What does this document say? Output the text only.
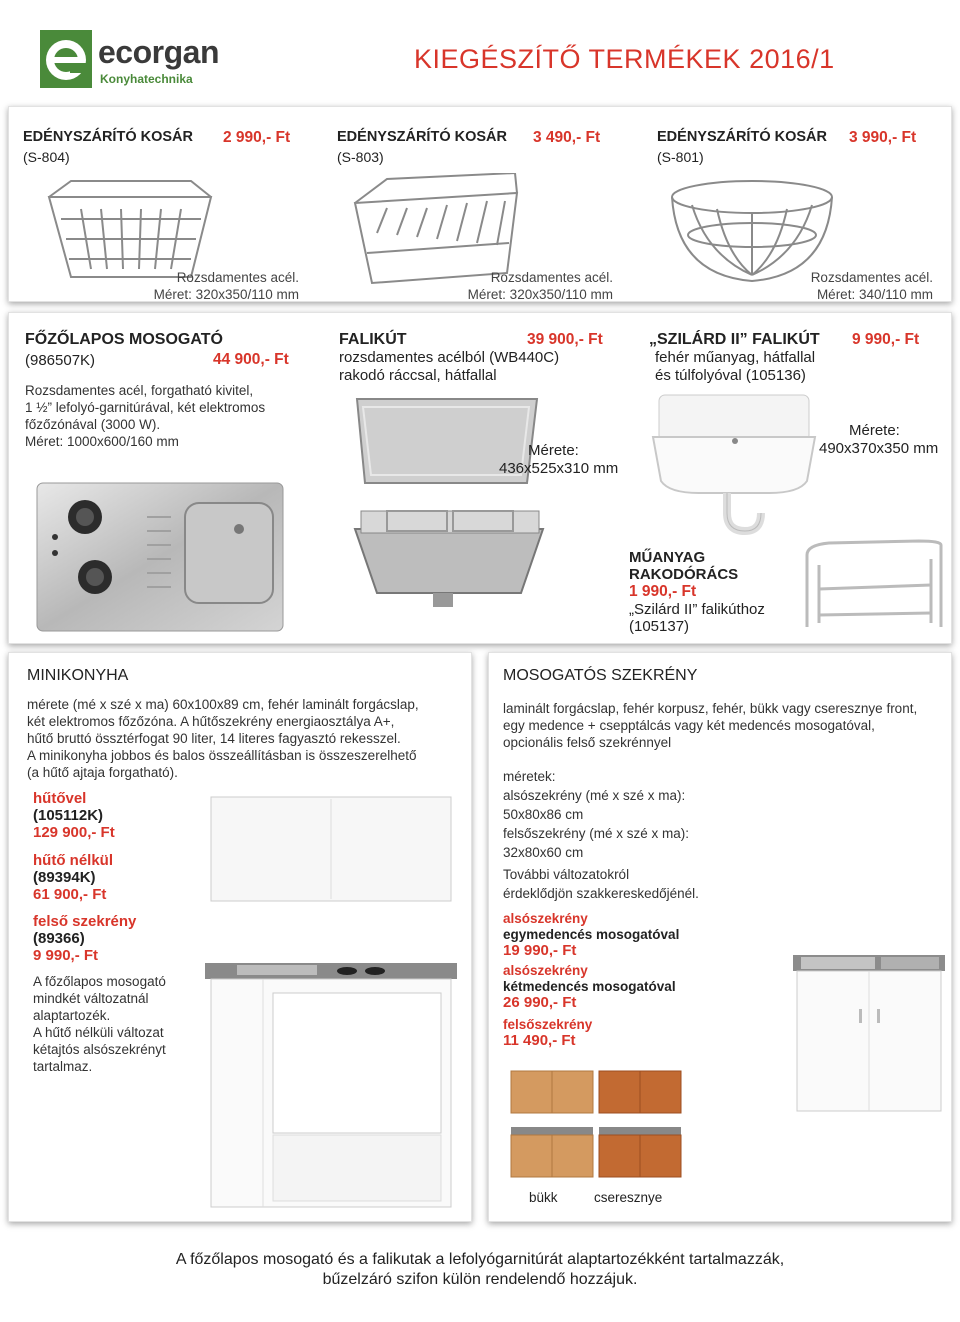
ecorgan
Konyhatechnika
KIEGÉSZÍTŐ TERMÉKEK 2016/1
EDÉNYSZÁRÍTÓ KOSÁR 2 990,- Ft
(S-804)
Rozsdamentes acél.
Méret: 320x350/110 mm
EDÉNYSZÁRÍTÓ KOSÁR 3 490,- Ft
(S-803)
Rozsdamentes acél.
Méret: 320x350/110 mm
EDÉNYSZÁRÍTÓ KOSÁR 3 990,- Ft
(S-801)
Rozsdamentes acél.
Méret: 340/110 mm
FŐZŐLAPOS MOSOGATÓ
(986507K)	44 900,- Ft
Rozsdamentes acél, forgatható kivitel,
1 ½” lefolyó-garnitúrával, két elektromos
főzőzónával (3000 W).
Méret: 1000x600/160 mm
FALIKÚT	39 900,- Ft
rozsdamentes acélból (WB440C)
rakodó ráccsal, hátfallal
Mérete:
436x525x310 mm
„SZILÁRD II” FALIKÚT 9 990,- Ft
fehér műanyag, hátfallal
és túlfolyóval (105136)
Mérete:
490x370x350 mm
MŰANYAG
RAKODÓRÁCS
1 990,- Ft
„Szilárd II” falikúthoz
(105137)
MINIKONYHA
mérete (mé x szé x ma) 60x100x89 cm, fehér laminált forgácslap,
két elektromos főzőzóna. A hűtőszekrény energiaosztálya A+,
hűtő bruttó össztérfogat 90 liter, 14 literes fagyasztó rekesszel.
A minikonyha jobbos és balos összeállításban is összeszerelhető
(a hűtő ajtaja forgatható).
hűtővel
(105112K)
129 900,- Ft
hűtő nélkül
(89394K)
61 900,- Ft
felső szekrény
(89366)
9 990,- Ft
A főzőlapos mosogató
mindkét változatnál
alaptartozék.
A hűtő nélküli változat
kétajtós alsószekrényt
tartalmaz.
MOSOGATÓS SZEKRÉNY
laminált forgácslap, fehér korpusz, fehér, bükk vagy cseresznye front,
egy medence + csepptálcás vagy két medencés mosogatóval,
opcionális felső szekrénnyel
méretek:
alsószekrény (mé x szé x ma):
50x80x86 cm
felsőszekrény (mé x szé x ma):
32x80x60 cm
További változatokról
érdeklődjön szakkereskedőjénél.
alsószekrény
egymedencés mosogatóval
19 990,- Ft
alsószekrény
kétmedencés mosogatóval
26 990,- Ft
felsőszekrény
11 490,- Ft
bükk	cseresznye
A főzőlapos mosogató és a falikutak a lefolyógarnitúrát alaptartozékként tartalmazzák,
bűzelzáró szifon külön rendelendő hozzájuk.
